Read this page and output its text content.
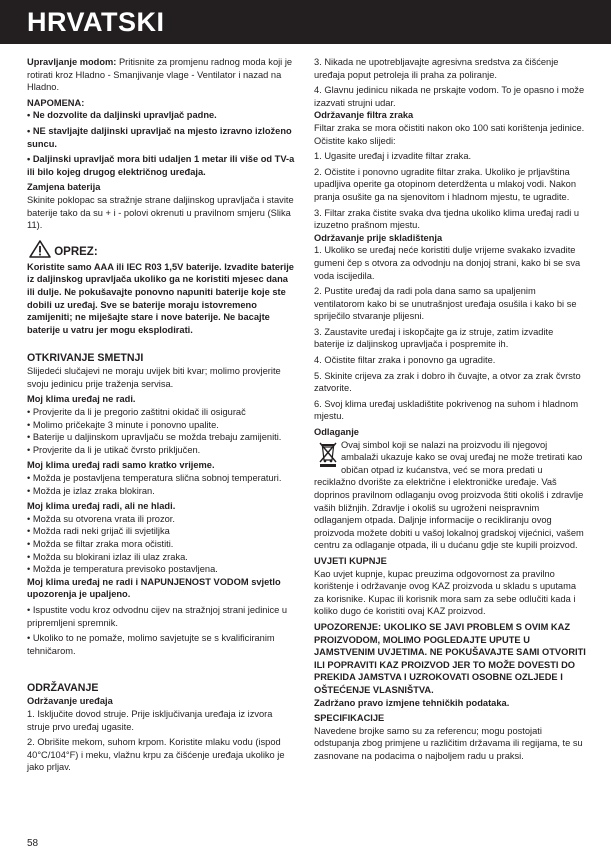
HRVATSKI

Upravljanje modom: Pritisnite za promjenu radnog moda koji je rotirati kroz Hladno - Smanjivanje vlage - Ventilator i nazad na Hladno.

NAPOMENA:

• Ne dozvolite da daljinski upravljač padne.

• NE stavljajte daljinski upravljač na mjesto izravno izloženo suncu.

• Daljinski upravljač mora biti udaljen 1 metar ili više od TV-a ili bilo kojeg drugog električnog uređaja.

Zamjena baterija

Skinite poklopac sa stražnje strane daljinskog upravljača i stavite baterije tako da su + i - polovi okrenuti u pravilnom smjeru (Slika 11).

OPREZ:

Koristite samo AAA ili IEC R03 1,5V baterije. Izvadite baterije iz daljinskog upravljača ukoliko ga ne koristiti mjesec dana ili dulje. Ne pokušavajte ponovno napuniti baterije koje ste dobili uz uređaj. Sve se baterije moraju istovremeno zamijeniti; ne miješajte stare i nove baterije. Ne bacajte baterije u vatru jer mogu eksplodirati.

OTKRIVANJE SMETNJI

Slijedeći slučajevi ne moraju uvijek biti kvar; molimo provjerite svoju jedinicu prije traženja servisa.

Moj klima uređaj ne radi.

• Provjerite da li je pregorio zaštitni okidač ili osigurač

• Molimo pričekajte 3 minute i ponovno upalite.

• Baterije u daljinskom upravljaču se možda trebaju zamijeniti.

• Provjerite da li je utikač čvrsto priključen.

Moj klima uređaj radi samo kratko vrijeme.

• Možda je postavljena temperatura slična sobnoj temperaturi.

• Možda je izlaz zraka blokiran.

Moj klima uređaj radi, ali ne hladi.

• Možda su otvorena vrata ili prozor.

• Možda radi neki grijač ili svjetiljka

• Možda se filtar zraka mora očistiti.

• Možda su blokirani izlaz ili ulaz zraka.

• Možda je temperatura previsoko postavljena.

Moj klima uređaj ne radi i NAPUNJENOST VODOM svjetlo upozorenja je upaljeno.

• Ispustite vodu kroz odvodnu cijev na stražnjoj strani jedinice u pripremljeni spremnik.

• Ukoliko to ne pomaže, molimo savjetujte se s kvalificiranim tehničarom.

ODRŽAVANJE

Održavanje uređaja

1. Isključite dovod struje. Prije isključivanja uređaja iz izvora struje prvo uređaj ugasite.

2. Obrišite mekom, suhom krpom. Koristite mlaku vodu (ispod 40°C/104°F) i meku, vlažnu krpu za čišćenje uređaja ukoliko je jako prljav.

3. Nikada ne upotrebljavajte agresivna sredstva za čišćenje uređaja poput petroleja ili praha za poliranje.

4. Glavnu jedinicu nikada ne prskajte vodom. To je opasno i može izazvati strujni udar.

Održavanje filtra zraka

Filtar zraka se mora očistiti nakon oko 100 sati korištenja jedinice. Očistite kako slijedi:

1. Ugasite uređaj i izvadite filtar zraka.

2. Očistite i ponovno ugradite filtar zraka. Ukoliko je prljavština upadljiva operite ga otopinom deterdženta u mlakoj vodi. Nakon pranja osušite ga na sjenovitom i hladnom mjestu, te ugradite.

3. Filtar zraka čistite svaka dva tjedna ukoliko klima uređaj radi u izuzetno prašnom mjestu.

Održavanje prije skladištenja

1. Ukoliko se uređaj neće koristiti dulje vrijeme svakako izvadite gumeni čep s otvora za odvodnju na donjoj strani, kako bi se sva voda iscijedila.

2. Pustite uređaj da radi pola dana samo sa upaljenim ventilatorom kako bi se unutrašnjost uređaja osušila i kako bi se spriječilo stvaranje plijesni.

3. Zaustavite uređaj i iskopčajte ga iz struje, zatim izvadite baterije iz daljinskog upravljača i pospremite ih.

4. Očistite filtar zraka i ponovno ga ugradite.

5. Skinite crijeva za zrak i dobro ih čuvajte, a otvor za zrak čvrsto zatvorite.

6. Svoj klima uređaj uskladištite pokrivenog na suhom i hladnom mjestu.

Odlaganje

Ovaj simbol koji se nalazi na proizvodu ili njegovoj ambalaži ukazuje kako se ovaj uređaj ne može tretirati kao običan otpad iz kućanstva, već se mora predati u reciklažno dvorište za električne i elektroničke uređaje. Vaš doprinos pravilnom odlaganju ovog proizvoda štiti okoliš i zdravlje vaših bližnjih. Zdravlje i okoliš su ugroženi neispravnim odlaganjem otpada. Daljnje informacije o recikliranju ovog proizvoda možete dobiti u vašoj lokalnoj gradskoj vijećnici, vašem centru za odlaganje otpada, ili u dućanu gdje ste kupili proizvod.

UVJETI KUPNJE

Kao uvjet kupnje, kupac preuzima odgovornost za pravilno korištenje i održavanje ovog KAZ proizvoda u skladu s uputama za korisnike. Kupac ili korisnik mora sam za sebe odlučiti kada i koliko dugo će koristiti ovaj KAZ proizvod.

UPOZORENJE: UKOLIKO SE JAVI PROBLEM S OVIM KAZ PROIZVODOM, MOLIMO POGLEDAJTE UPUTE U JAMSTVENIM UVJETIMA. NE POKUŠAVAJTE SAMI OTVORITI ILI POPRAVITI KAZ PROIZVOD JER TO MOŽE DOVESTI DO PREKIDA JAMSTVA I UZROKOVATI OSOBNE OZLJEDE I OŠTEĆENJE VLASNIŠTVA.

Zadržano pravo izmjene tehničkih podataka.

SPECIFIKACIJE

Navedene brojke samo su za referencu; mogu postojati odstupanja zbog primjene u različitim državama ili regijama, te su zasnovane na podacima o najboljem radu u praksi.

58
